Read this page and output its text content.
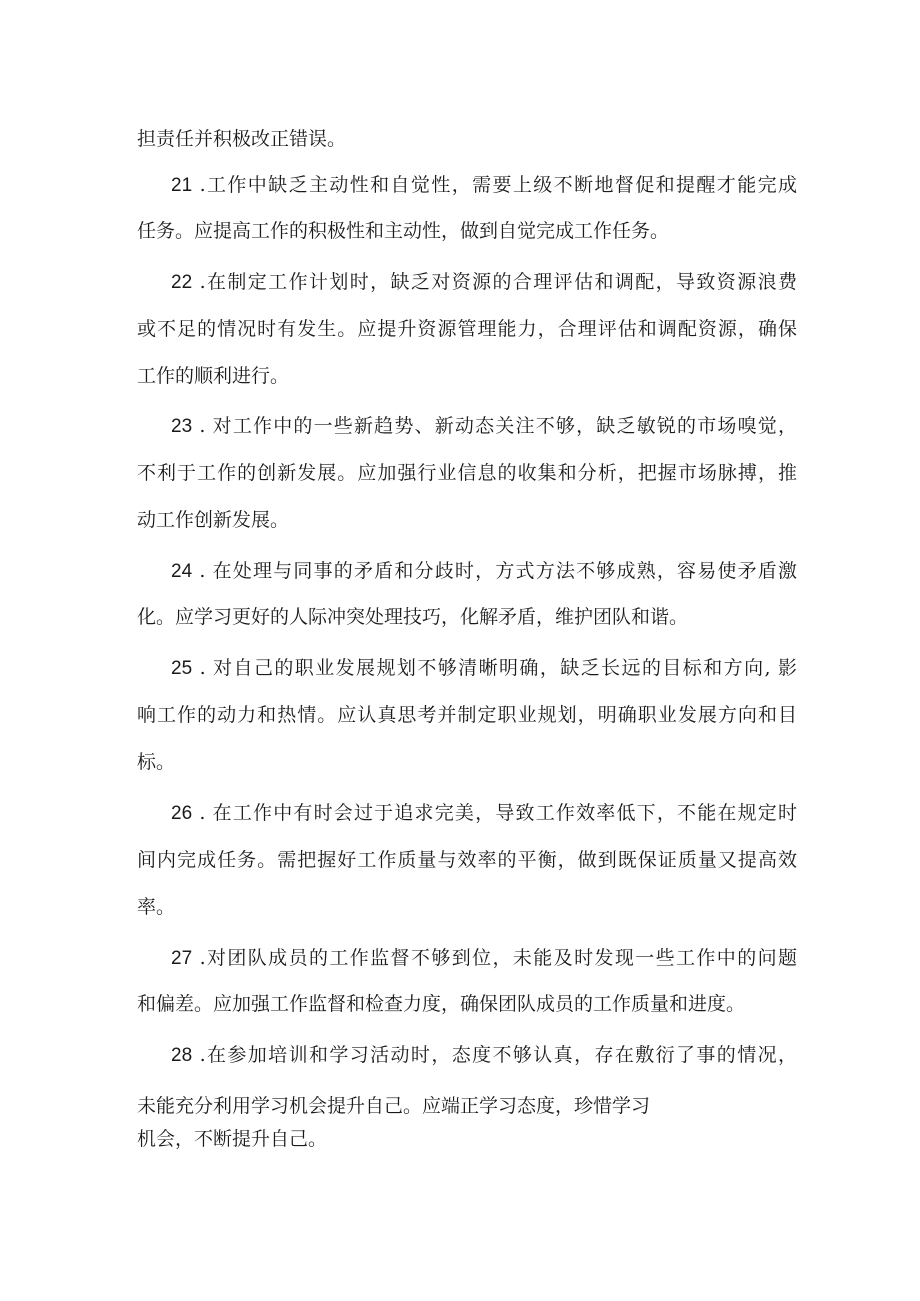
担责任并积极改正错误。
21 .工作中缺乏主动性和自觉性，需要上级不断地督促和提醒才能完成
任务。应提高工作的积极性和主动性，做到自觉完成工作任务。
22 .在制定工作计划时，缺乏对资源的合理评估和调配，导致资源浪费
或不足的情况时有发生。应提升资源管理能力，合理评估和调配资源，确保
工作的顺利进行。
23 . 对工作中的一些新趋势、新动态关注不够，缺乏敏锐的市场嗅觉，
不利于工作的创新发展。应加强行业信息的收集和分析，把握市场脉搏，推
动工作创新发展。
24 . 在处理与同事的矛盾和分歧时，方式方法不够成熟，容易使矛盾激
化。应学习更好的人际冲突处理技巧，化解矛盾，维护团队和谐。
25 . 对自己的职业发展规划不够清晰明确，缺乏长远的目标和方向, 影
响工作的动力和热情。应认真思考并制定职业规划，明确职业发展方向和目
标。
26 . 在工作中有时会过于追求完美，导致工作效率低下，不能在规定时
间内完成任务。需把握好工作质量与效率的平衡，做到既保证质量又提高效
率。
27 .对团队成员的工作监督不够到位，未能及时发现一些工作中的问题
和偏差。应加强工作监督和检查力度，确保团队成员的工作质量和进度。
28 .在参加培训和学习活动时，态度不够认真，存在敷衍了事的情况，
未能充分利用学习机会提升自己。应端正学习态度，珍惜学习
机会，不断提升自己。
